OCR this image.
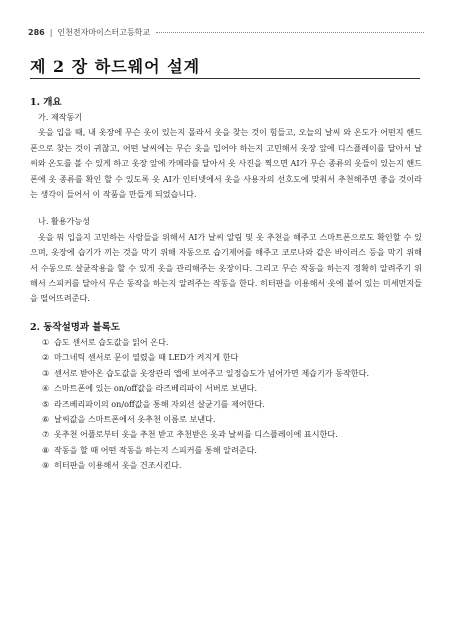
286 | 인천전자마이스터고등학교
제 2 장 하드웨어 설계

1. 개요

가. 제작동기

옷을 입을 때, 내 옷장에 무슨 옷이 있는지 몰라서 옷을 찾는 것이 힘들고, 오늘의 날씨 와 온도가 어떤지 핸드폰으로 찾는 것이 귀찮고, 어떤 날씨에는 무슨 옷을 입어야 하는지 고민해서 옷장 앞에 디스플레이를 달아서 날씨와 온도를 볼 수 있게 하고 옷장 앞에 카메라를 달아서 옷 사진을 찍으면 AI가 무슨 종류의 옷들이 있는지 핸드폰에 옷 종류를 확인 할 수 있도록 옷 AI가 인터넷에서 옷을 사용자의 선호도에 맞춰서 추천해주면 좋을 것이라는 생각이 들어서 이 작품을 만들게 되었습니다.

나. 활용가능성

옷을 뭐 입을지 고민하는 사람들을 위해서 AI가 날씨 알림 및 옷 추천을 해주고 스마트폰으로도 확인할 수 있으며, 옷장에 습기가 끼는 것을 막기 위해 자동으로 습기제어를 해주고 코로나와 같은 바이러스 등을 막기 위해서 수동으로 살균작용을 할 수 있게 옷을 관리해주는 옷장이다. 그리고 무슨 작동을 하는지 정확히 알려주기 위해서 스피커를 달아서 무슨 동작을 하는지 알려주는 작동을 한다. 히터판을 이용해서 옷에 붙어 있는 미세먼지들을 떨어뜨려준다.

2. 동작설명과 블록도

① 습도 센서로 습도값을 읽어 온다.
② 마그네틱 센서로 문이 열렸을 때 LED가 켜지게 한다
③ 센서로 받아온 습도값을 옷장관리 앱에 보여주고 일정습도가 넘어가면 제습기가 동작한다.
④ 스마트폰에 있는 on/off값을 라즈베리파이 서버로 보낸다.
⑤ 라즈베리파이의 on/off값을 통해 자외선 살균기를 제어한다.
⑥ 날씨값을 스마트폰에서 옷추천 이름로 보낸다.
⑦ 옷추천 어플로부터 옷을 추천 받고 추천받은 옷과 날씨를 디스플레이에 표시한다.
⑧ 작동을 할 때 어떤 작동을 하는지 스피커를 통해 알려준다.
⑨ 히터판을 이용해서 옷을 건조시킨다.
